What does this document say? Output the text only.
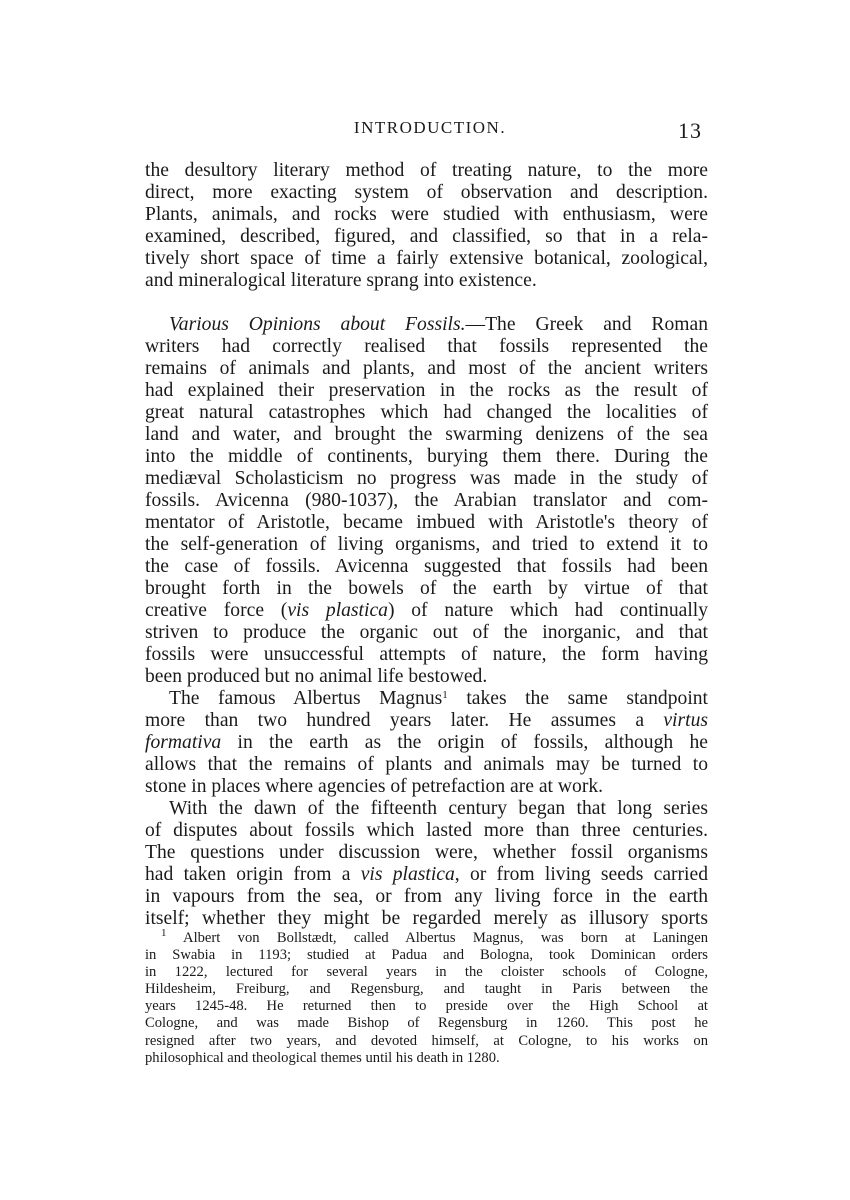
INTRODUCTION.	13
the desultory literary method of treating nature, to the more
direct, more exacting system of observation and description.
Plants, animals, and rocks were studied with enthusiasm, were
examined, described, figured, and classified, so that in a rela-
tively short space of time a fairly extensive botanical, zoological,
and mineralogical literature sprang into existence.
Various Opinions about Fossils.—The Greek and Roman
writers had correctly realised that fossils represented the
remains of animals and plants, and most of the ancient writers
had explained their preservation in the rocks as the result of
great natural catastrophes which had changed the localities of
land and water, and brought the swarming denizens of the sea
into the middle of continents, burying them there. During the
mediæval Scholasticism no progress was made in the study of
fossils. Avicenna (980-1037), the Arabian translator and com-
mentator of Aristotle, became imbued with Aristotle's theory of
the self-generation of living organisms, and tried to extend it to
the case of fossils. Avicenna suggested that fossils had been
brought forth in the bowels of the earth by virtue of that
creative force (vis plastica) of nature which had continually
striven to produce the organic out of the inorganic, and that
fossils were unsuccessful attempts of nature, the form having
been produced but no animal life bestowed.
The famous Albertus Magnus$^1$ takes the same standpoint
more than two hundred years later. He assumes a virtus
formativa in the earth as the origin of fossils, although he
allows that the remains of plants and animals may be turned to
stone in places where agencies of petrefaction are at work.
With the dawn of the fifteenth century began that long series
of disputes about fossils which lasted more than three centuries.
The questions under discussion were, whether fossil organisms
had taken origin from a vis plastica, or from living seeds carried
in vapours from the sea, or from any living force in the earth
itself; whether they might be regarded merely as illusory sports
$^1$ Albert von Bollstædt, called Albertus Magnus, was born at Laningen
in Swabia in 1193; studied at Padua and Bologna, took Dominican orders
in 1222, lectured for several years in the cloister schools of Cologne,
Hildesheim, Freiburg, and Regensburg, and taught in Paris between the
years 1245-48. He returned then to preside over the High School at
Cologne, and was made Bishop of Regensburg in 1260. This post he
resigned after two years, and devoted himself, at Cologne, to his works on
philosophical and theological themes until his death in 1280.
